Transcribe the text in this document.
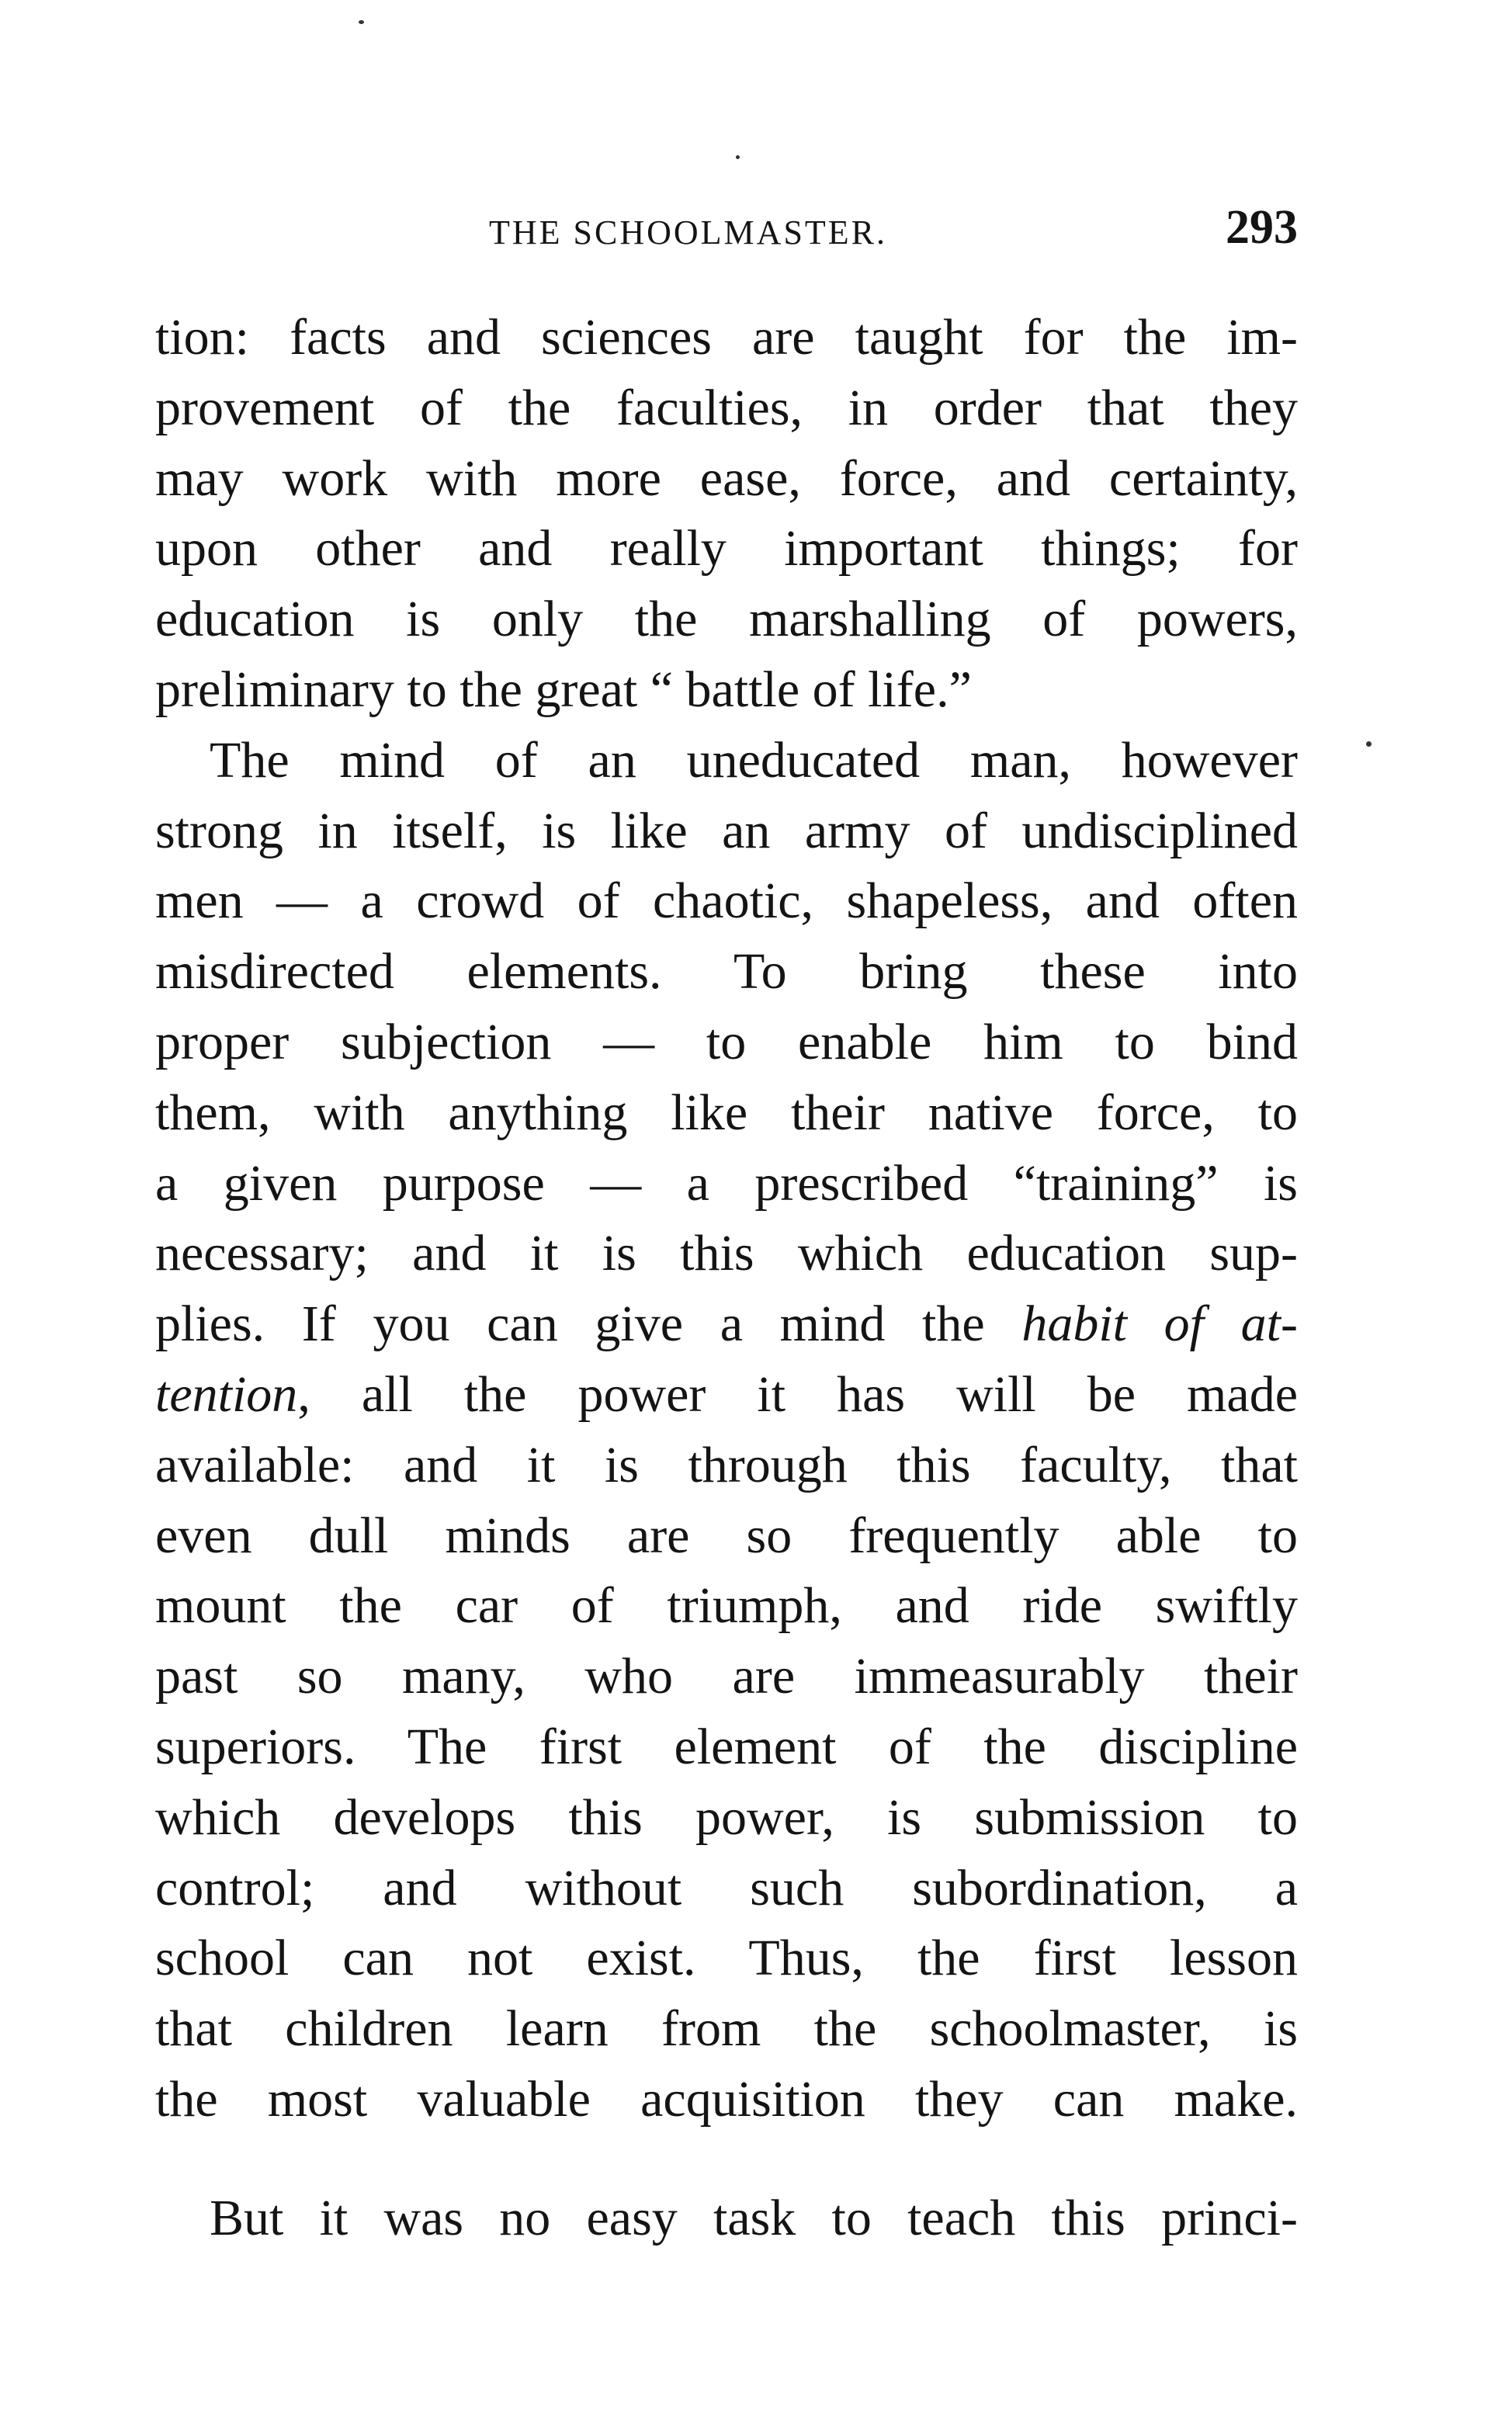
THE SCHOOLMASTER.	293
tion: facts and sciences are taught for the im-
provement of the faculties, in order that they
may work with more ease, force, and certainty,
upon other and really important things; for
education is only the marshalling of powers,
preliminary to the great “ battle of life.”
The mind of an uneducated man, however
strong in itself, is like an army of undisciplined
men — a crowd of chaotic, shapeless, and often
misdirected elements. To bring these into
proper subjection — to enable him to bind
them, with anything like their native force, to
a given purpose — a prescribed “training” is
necessary; and it is this which education sup-
plies. If you can give a mind the habit of at-
tention, all the power it has will be made
available: and it is through this faculty, that
even dull minds are so frequently able to
mount the car of triumph, and ride swiftly
past so many, who are immeasurably their
superiors. The first element of the discipline
which develops this power, is submission to
control; and without such subordination, a
school can not exist. Thus, the first lesson
that children learn from the schoolmaster, is
the most valuable acquisition they can make.
But it was no easy task to teach this princi-
